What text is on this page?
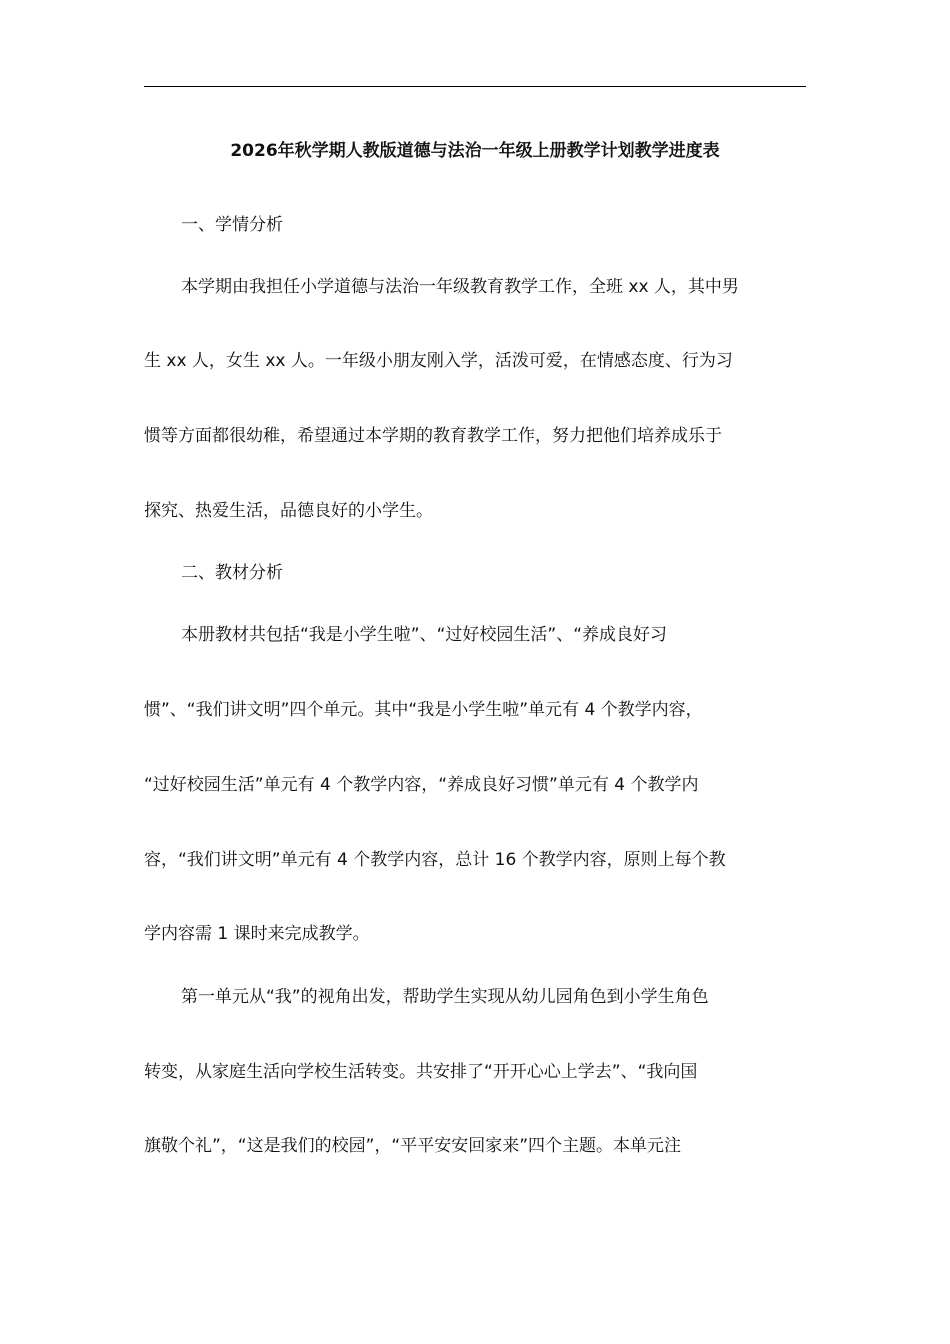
2026年秋学期人教版道德与法治一年级上册教学计划教学进度表
一、学情分析
本学期由我担任小学道德与法治一年级教育教学工作，全班 xx 人，其中男
生 xx 人，女生 xx 人。一年级小朋友刚入学，活泼可爱，在情感态度、行为习
惯等方面都很幼稚，希望通过本学期的教育教学工作，努力把他们培养成乐于
探究、热爱生活，品德良好的小学生。
二、教材分析
本册教材共包括“我是小学生啦”、“过好校园生活”、“养成良好习
惯”、“我们讲文明”四个单元。其中“我是小学生啦”单元有 4 个教学内容，
“过好校园生活”单元有 4 个教学内容，“养成良好习惯”单元有 4 个教学内
容，“我们讲文明”单元有 4 个教学内容，总计 16 个教学内容，原则上每个教
学内容需 1 课时来完成教学。
第一单元从“我”的视角出发，帮助学生实现从幼儿园角色到小学生角色
转变，从家庭生活向学校生活转变。共安排了“开开心心上学去”、“我向国
旗敬个礼”，“这是我们的校园”，“平平安安回家来”四个主题。本单元注
